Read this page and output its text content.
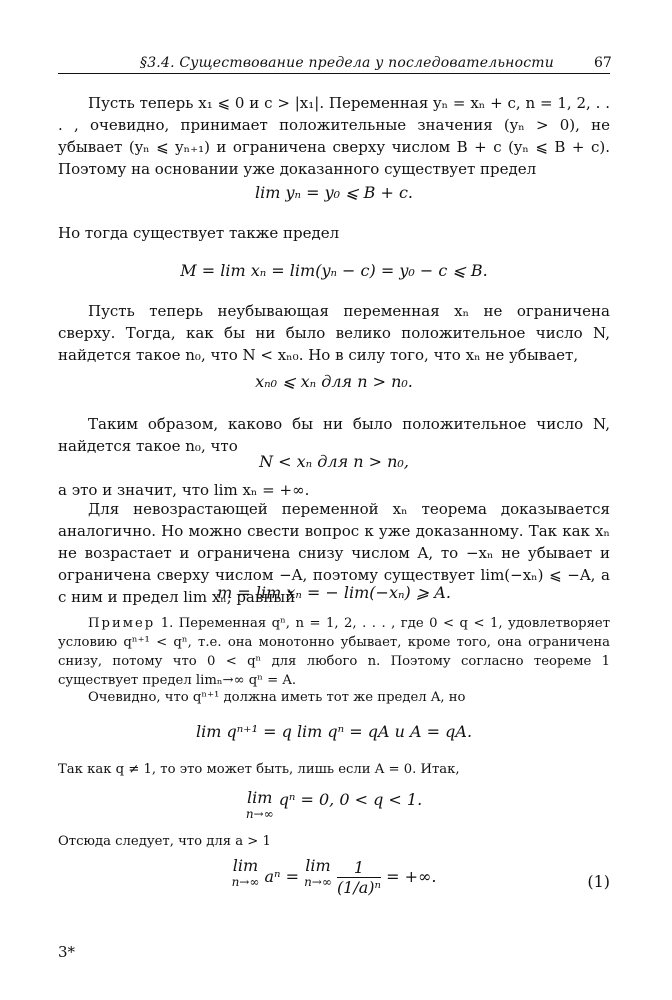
§3.4. Существование предела у последовательности	67
Пусть теперь x₁ ⩽ 0 и c > |x₁|. Переменная yₙ = xₙ + c, n = 1, 2, . . . , очевидно, принимает положительные значения (yₙ > 0), не убывает (yₙ ⩽ yₙ₊₁) и ограничена сверху числом B + c (yₙ ⩽ B + c). Поэтому на основании уже доказанного существует предел
lim yₙ = y₀ ⩽ B + c.
Но тогда существует также предел
M = lim xₙ = lim(yₙ − c) = y₀ − c ⩽ B.
Пусть теперь неубывающая переменная xₙ не ограничена сверху. Тогда, как бы ни было велико положительное число N, найдется такое n₀, что N < xₙ₀. Но в силу того, что xₙ не убывает,
xₙ₀ ⩽ xₙ для n > n₀.
Таким образом, каково бы ни было положительное число N, найдется такое n₀, что
N < xₙ для n > n₀,
а это и значит, что lim xₙ = +∞.
Для невозрастающей переменной xₙ теорема доказывается аналогично. Но можно свести вопрос к уже доказанному. Так как xₙ не возрастает и ограничена снизу числом A, то −xₙ не убывает и ограничена сверху числом −A, поэтому существует lim(−xₙ) ⩽ −A, а с ним и предел lim xₙ, равный
m = lim xₙ = − lim(−xₙ) ⩾ A.
Пример 1. Переменная qⁿ, n = 1, 2, . . . , где 0 < q < 1, удовлетворяет условию qⁿ⁺¹ < qⁿ, т.е. она монотонно убывает, кроме того, она ограничена снизу, потому что 0 < qⁿ для любого n. Поэтому согласно теореме 1 существует предел limₙ→∞ qⁿ = A.
Очевидно, что qⁿ⁺¹ должна иметь тот же предел A, но
lim qⁿ⁺¹ = q lim qⁿ = qA и A = qA.
Так как q ≠ 1, то это может быть, лишь если A = 0. Итак,
lim
n→∞
qⁿ = 0, 0 < q < 1.
Отсюда следует, что для a > 1
lim
n→∞ aⁿ = lim
n→∞
$\frac{1}{\text{(1/a)ⁿ}}$ = +∞.	(1)
3*
